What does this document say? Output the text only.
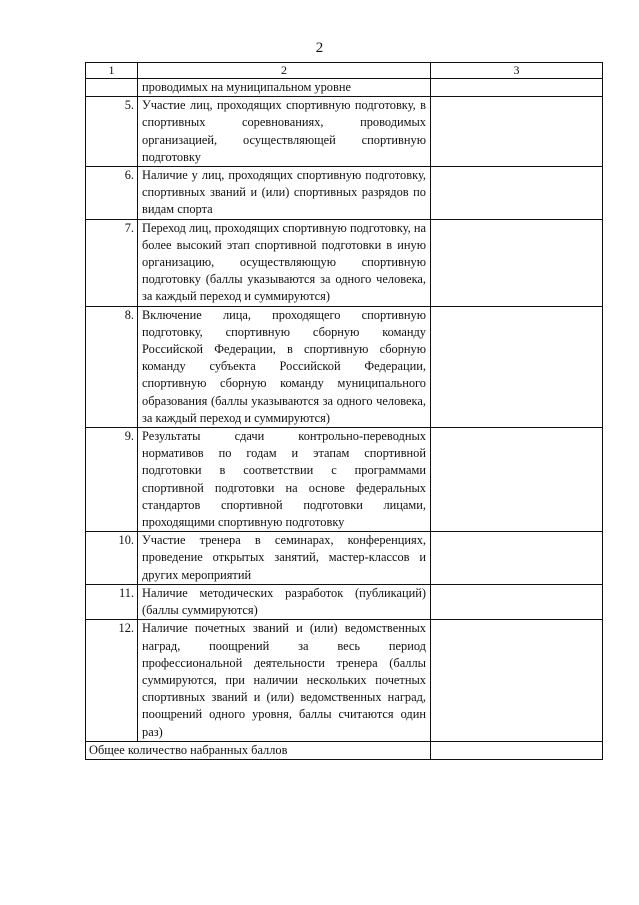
2
1	2	3
	проводимых на муниципальном уровне	
5.	Участие лиц, проходящих спортивную подготовку, в спортивных соревнованиях, проводимых организацией, осуществляющей спортивную подготовку	
6.	Наличие у лиц, проходящих спортивную подготовку, спортивных званий и (или) спортивных разрядов по видам спорта	
7.	Переход лиц, проходящих спортивную подготовку, на более высокий этап спортивной подготовки в иную организацию, осуществляющую спортивную подготовку (баллы указываются за одного человека, за каждый переход и суммируются)	
8.	Включение лица, проходящего спортивную подготовку, спортивную сборную команду Российской Федерации, в спортивную сборную команду субъекта Российской Федерации, спортивную сборную команду муниципального образования (баллы указываются за одного человека, за каждый переход и суммируются)	
9.	Результаты сдачи контрольно-переводных нормативов по годам и этапам спортивной подготовки в соответствии с программами спортивной подготовки на основе федеральных стандартов спортивной подготовки лицами, проходящими спортивную подготовку	
10.	Участие тренера в семинарах, конференциях, проведение открытых занятий, мастер-классов и других мероприятий	
11.	Наличие методических разработок (публикаций) (баллы суммируются)	
12.	Наличие почетных званий и (или) ведомственных наград, поощрений за весь период профессиональной деятельности тренера (баллы суммируются, при наличии нескольких почетных спортивных званий и (или) ведомственных наград, поощрений одного уровня, баллы считаются один раз)	
Общее количество набранных баллов		
